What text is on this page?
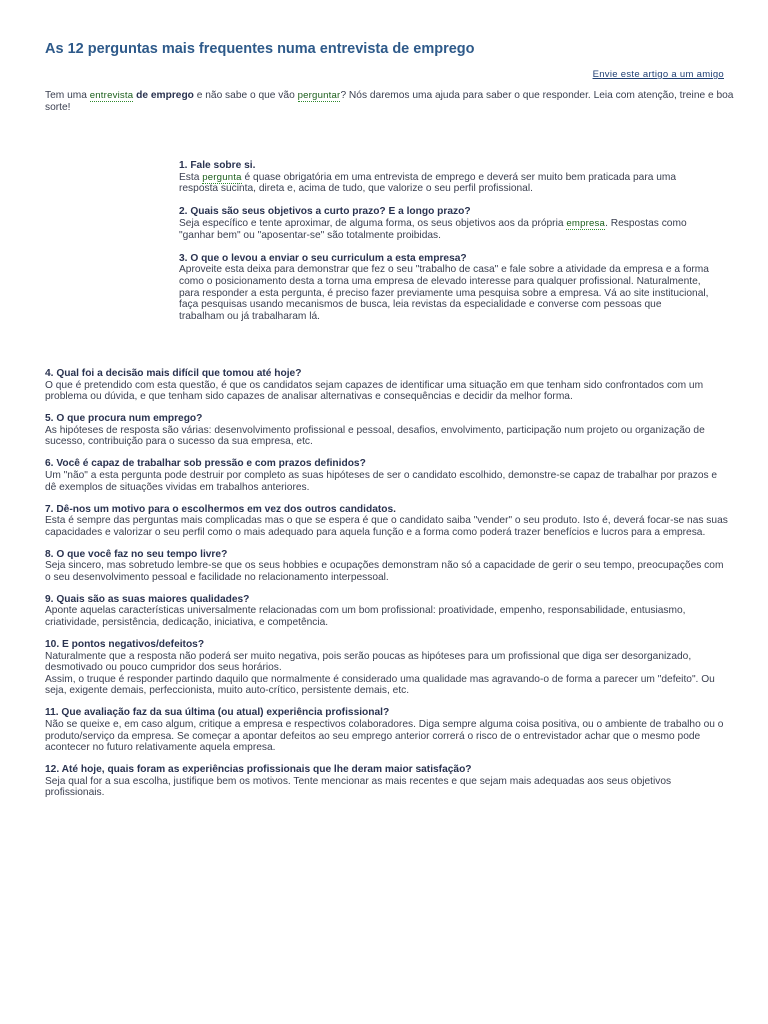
As 12 perguntas mais frequentes numa entrevista de emprego
Envie este artigo a um amigo

Tem uma entrevista de emprego e não sabe o que vão perguntar? Nós daremos uma ajuda para saber o que responder. Leia com atenção, treine e boa sorte!

1. Fale sobre si.
Esta pergunta é quase obrigatória em uma entrevista de emprego e deverá ser muito bem praticada para uma resposta sucinta, direta e, acima de tudo, que valorize o seu perfil profissional.
2. Quais são seus objetivos a curto prazo? E a longo prazo?
Seja específico e tente aproximar, de alguma forma, os seus objetivos aos da própria empresa. Respostas como "ganhar bem" ou "aposentar-se" são totalmente proibidas.
3. O que o levou a enviar o seu curriculum a esta empresa?
Aproveite esta deixa para demonstrar que fez o seu "trabalho de casa" e fale sobre a atividade da empresa e a forma como o posicionamento desta a torna uma empresa de elevado interesse para qualquer profissional. Naturalmente, para responder a esta pergunta, é preciso fazer previamente uma pesquisa sobre a empresa. Vá ao site institucional, faça pesquisas usando mecanismos de busca, leia revistas da especialidade e converse com pessoas que trabalham ou já trabalharam lá.
4. Qual foi a decisão mais difícil que tomou até hoje?
O que é pretendido com esta questão, é que os candidatos sejam capazes de identificar uma situação em que tenham sido confrontados com um problema ou dúvida, e que tenham sido capazes de analisar alternativas e consequências e decidir da melhor forma.
5. O que procura num emprego?
As hipóteses de resposta são várias: desenvolvimento profissional e pessoal, desafios, envolvimento, participação num projeto ou organização de sucesso, contribuição para o sucesso da sua empresa, etc.
6. Você é capaz de trabalhar sob pressão e com prazos definidos?
Um "não" a esta pergunta pode destruir por completo as suas hipóteses de ser o candidato escolhido, demonstre-se capaz de trabalhar por prazos e dê exemplos de situações vividas em trabalhos anteriores.
7. Dê-nos um motivo para o escolhermos em vez dos outros candidatos.
Esta é sempre das perguntas mais complicadas mas o que se espera é que o candidato saiba "vender" o seu produto. Isto é, deverá focar-se nas suas capacidades e valorizar o seu perfil como o mais adequado para aquela função e a forma como poderá trazer benefícios e lucros para a empresa.
8. O que você faz no seu tempo livre?
Seja sincero, mas sobretudo lembre-se que os seus hobbies e ocupações demonstram não só a capacidade de gerir o seu tempo, preocupações com o seu desenvolvimento pessoal e facilidade no relacionamento interpessoal.
9. Quais são as suas maiores qualidades?
Aponte aquelas características universalmente relacionadas com um bom profissional: proatividade, empenho, responsabilidade, entusiasmo, criatividade, persistência, dedicação, iniciativa, e competência.
10. E pontos negativos/defeitos?
Naturalmente que a resposta não poderá ser muito negativa, pois serão poucas as hipóteses para um profissional que diga ser desorganizado, desmotivado ou pouco cumpridor dos seus horários.
Assim, o truque é responder partindo daquilo que normalmente é considerado uma qualidade mas agravando-o de forma a parecer um "defeito". Ou seja, exigente demais, perfeccionista, muito auto-crítico, persistente demais, etc.
11. Que avaliação faz da sua última (ou atual) experiência profissional?
Não se queixe e, em caso algum, critique a empresa e respectivos colaboradores. Diga sempre alguma coisa positiva, ou o ambiente de trabalho ou o produto/serviço da empresa. Se começar a apontar defeitos ao seu emprego anterior correrá o risco de o entrevistador achar que o mesmo pode acontecer no futuro relativamente aquela empresa.
12. Até hoje, quais foram as experiências profissionais que lhe deram maior satisfação?
Seja qual for a sua escolha, justifique bem os motivos. Tente mencionar as mais recentes e que sejam mais adequadas aos seus objetivos profissionais.
